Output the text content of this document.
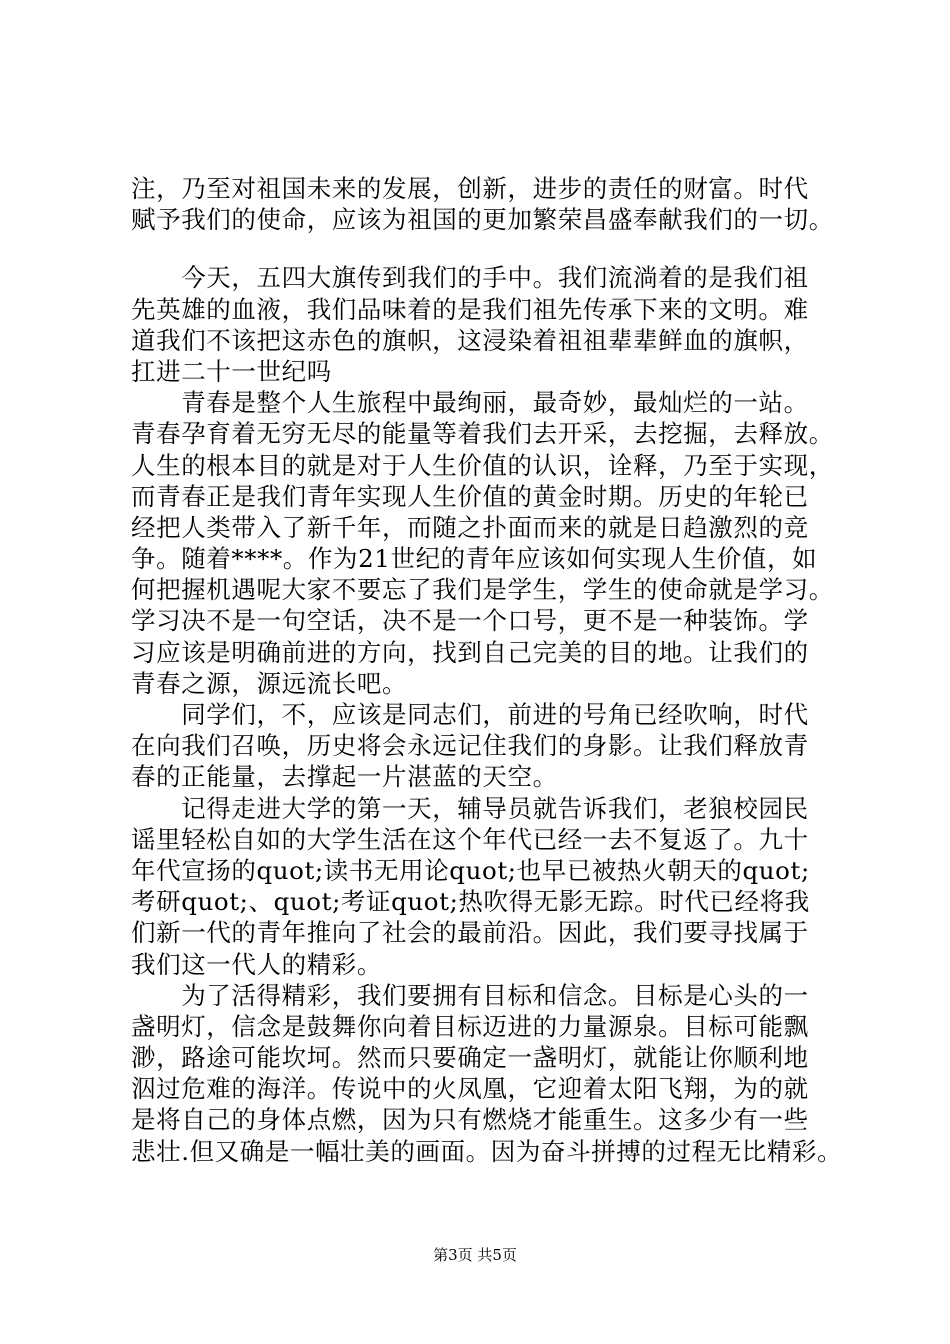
注，乃至对祖国未来的发展，创新，进步的责任的财富。时代
赋予我们的使命，应该为祖国的更加繁荣昌盛奉献我们的一切。
　　今天，五四大旗传到我们的手中。我们流淌着的是我们祖
先英雄的血液，我们品味着的是我们祖先传承下来的文明。难
道我们不该把这赤色的旗帜，这浸染着祖祖辈辈鲜血的旗帜，
扛进二十一世纪吗
　　青春是整个人生旅程中最绚丽，最奇妙，最灿烂的一站。
青春孕育着无穷无尽的能量等着我们去开采，去挖掘，去释放。
人生的根本目的就是对于人生价值的认识，诠释，乃至于实现，
而青春正是我们青年实现人生价值的黄金时期。历史的年轮已
经把人类带入了新千年，而随之扑面而来的就是日趋激烈的竞
争。随着****。作为21世纪的青年应该如何实现人生价值，如
何把握机遇呢大家不要忘了我们是学生，学生的使命就是学习。
学习决不是一句空话，决不是一个口号，更不是一种装饰。学
习应该是明确前进的方向，找到自己完美的目的地。让我们的
青春之源，源远流长吧。
　　同学们，不，应该是同志们，前进的号角已经吹响，时代
在向我们召唤，历史将会永远记住我们的身影。让我们释放青
春的正能量，去撑起一片湛蓝的天空。
　　记得走进大学的第一天，辅导员就告诉我们，老狼校园民
谣里轻松自如的大学生活在这个年代已经一去不复返了。九十
年代宣扬的quot;读书无用论quot;也早已被热火朝天的quot;
考研quot;、quot;考证quot;热吹得无影无踪。时代已经将我
们新一代的青年推向了社会的最前沿。因此，我们要寻找属于
我们这一代人的精彩。
　　为了活得精彩，我们要拥有目标和信念。目标是心头的一
盏明灯，信念是鼓舞你向着目标迈进的力量源泉。目标可能飘
渺，路途可能坎坷。然而只要确定一盏明灯，就能让你顺利地
泅过危难的海洋。传说中的火凤凰，它迎着太阳飞翔，为的就
是将自己的身体点燃，因为只有燃烧才能重生。这多少有一些
悲壮.但又确是一幅壮美的画面。因为奋斗拼搏的过程无比精彩。
第3页 共5页
